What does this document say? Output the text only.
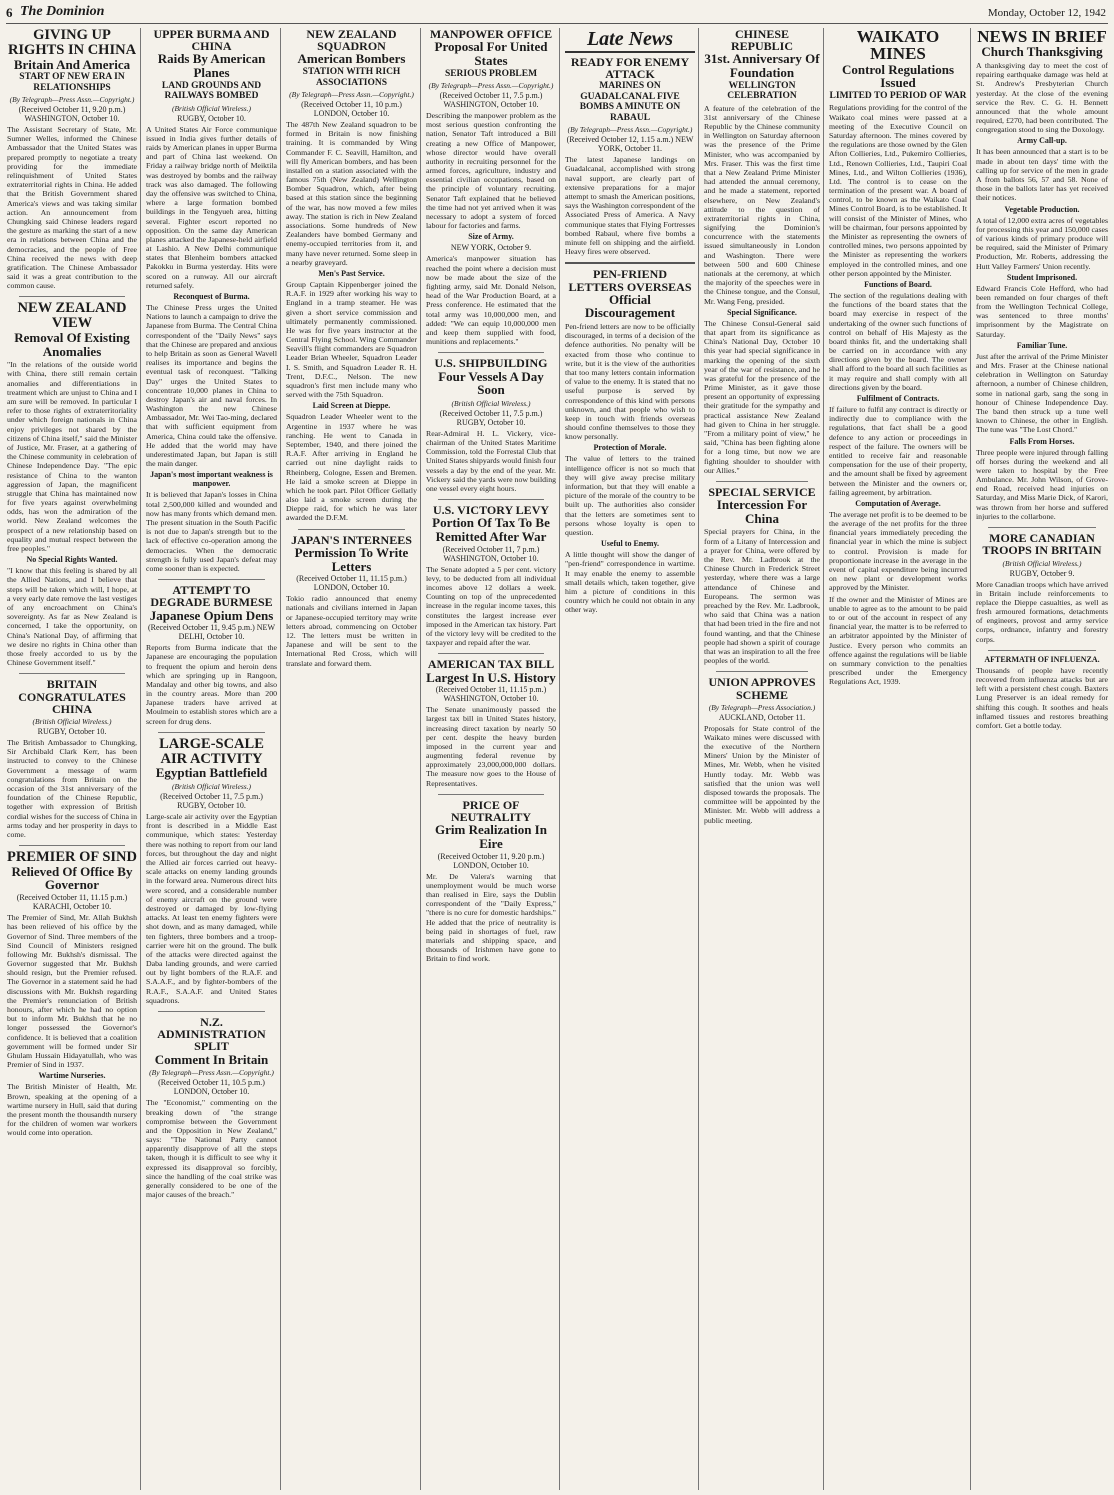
6 The Dominion	Monday, October 12, 1942
GIVING UP RIGHTS IN CHINA
Britain And America
START OF NEW ERA IN RELATIONSHIPS
(By Telegraph—Press Assn.—Copyright.)
(Received October 11, 9.20 p.m.) WASHINGTON, October 10.
The Assistant Secretary of State, Mr. Sumner Welles, informed the Chinese Ambassador that the United States was prepared promptly to negotiate a treaty providing for the immediate relinquishment of United States extraterritorial rights in China. He added that the British Government shared America's views and was taking similar action. An announcement from Chungking said Chinese leaders regard the gesture as marking the start of a new era in relations between China and the democracies, and the people of Free China received the news with deep gratification. The Chinese Ambassador said it was a great contribution to the common cause.
NEW ZEALAND VIEW
Removal Of Existing Anomalies
"In the relations of the outside world with China, there still remain certain anomalies and differentiations in treatment which are unjust to China and I am sure will be removed. In particular I refer to those rights of extraterritoriality under which foreign nationals in China enjoy privileges not shared by the citizens of China itself," said the Minister of Justice, Mr. Fraser, at a gathering of the Chinese community in celebration of Chinese Independence Day. "The epic resistance of China to the wanton aggression of Japan, the magnificent struggle that China has maintained now for five years against overwhelming odds, has won the admiration of the world. New Zealand welcomes the prospect of a new relationship based on equality and mutual respect between the free peoples."
No Special Rights Wanted.
"I know that this feeling is shared by all the Allied Nations, and I believe that steps will be taken which will, I hope, at a very early date remove the last vestiges of any encroachment on China's sovereignty. As far as New Zealand is concerned, I take the opportunity, on China's National Day, of affirming that we desire no rights in China other than those freely accorded to us by the Chinese Government itself."
BRITAIN CONGRATULATES CHINA
(British Official Wireless.)
RUGBY, October 10.
The British Ambassador to Chungking, Sir Archibald Clark Kerr, has been instructed to convey to the Chinese Government a message of warm congratulations from Britain on the occasion of the 31st anniversary of the foundation of the Chinese Republic, together with expression of British cordial wishes for the success of China in arms today and her prosperity in days to come.
PREMIER OF SIND
Relieved Of Office By Governor
(Received October 11, 11.15 p.m.) KARACHI, October 10.
The Premier of Sind, Mr. Allah Bukhsh has been relieved of his office by the Governor of Sind. Three members of the Sind Council of Ministers resigned following Mr. Bukhsh's dismissal. The Governor suggested that Mr. Bukhsh should resign, but the Premier refused. The Governor in a statement said he had discussions with Mr. Bukhsh regarding the Premier's renunciation of British honours, after which he had no option but to inform Mr. Bukhsh that he no longer possessed the Governor's confidence. It is believed that a coalition government will be formed under Sir Ghulam Hussain Hidayatullah, who was Premier of Sind in 1937.
Wartime Nurseries.
The British Minister of Health, Mr. Brown, speaking at the opening of a wartime nursery in Hull, said that during the present month the thousandth nursery for the children of women war workers would come into operation.
UPPER BURMA AND CHINA
Raids By American Planes
LAND GROUNDS AND RAILWAYS BOMBED
(British Official Wireless.)
RUGBY, October 10.
A United States Air Force communique issued in India gives further details of raids by American planes in upper Burma and part of China last weekend. On Friday a railway bridge north of Meiktila was destroyed by bombs and the railway track was also damaged. The following day the offensive was switched to China, where a large formation bombed buildings in the Tengyueh area, hitting several. Fighter escort reported no opposition. On the same day American planes attacked the Japanese-held airfield at Lashio. A New Delhi communique states that Blenheim bombers attacked Pakokku in Burma yesterday. Hits were scored on a runway. All our aircraft returned safely.
Reconquest of Burma.
The Chinese Press urges the United Nations to launch a campaign to drive the Japanese from Burma. The Central China correspondent of the "Daily News" says that the Chinese are prepared and anxious to help Britain as soon as General Wavell realises its importance and begins the eventual task of reconquest. "Talking Day" urges the United States to concentrate 10,000 planes in China to destroy Japan's air and naval forces. In Washington the new Chinese Ambassador, Mr. Wei Tao-ming, declared that with sufficient equipment from America, China could take the offensive. He added that the world may have underestimated Japan, but Japan is still the main danger.
Japan's most important weakness is manpower.
It is believed that Japan's losses in China total 2,500,000 killed and wounded and now has many fronts which demand men. The present situation in the South Pacific is not due to Japan's strength but to the lack of effective co-operation among the democracies. When the democratic strength is fully used Japan's defeat may come sooner than is expected.
ATTEMPT TO DEGRADE BURMESE
Japanese Opium Dens
(Received October 11, 9.45 p.m.) NEW DELHI, October 10.
Reports from Burma indicate that the Japanese are encouraging the population to frequent the opium and heroin dens which are springing up in Rangoon, Mandalay and other big towns, and also in the country areas. More than 200 Japanese traders have arrived at Moulmein to establish stores which are a screen for drug dens.
LARGE-SCALE AIR ACTIVITY
Egyptian Battlefield
(British Official Wireless.)
(Received October 11, 7.5 p.m.) RUGBY, October 10.
Large-scale air activity over the Egyptian front is described in a Middle East communique, which states: Yesterday there was nothing to report from our land forces, but throughout the day and night the Allied air forces carried out heavy-scale attacks on enemy landing grounds in the forward area. Numerous direct hits were scored, and a considerable number of enemy aircraft on the ground were destroyed or damaged by low-flying attacks. At least ten enemy fighters were shot down, and as many damaged, while ten fighters, three bombers and a troop-carrier were hit on the ground. The bulk of the attacks were directed against the Daba landing grounds, and were carried out by light bombers of the R.A.F. and S.A.A.F., and by fighter-bombers of the R.A.F., S.A.A.F. and United States squadrons.
N.Z. ADMINISTRATION SPLIT
Comment In Britain
(By Telegraph—Press Assn.—Copyright.)
(Received October 11, 10.5 p.m.) LONDON, October 10.
The "Economist," commenting on the breaking down of "the strange compromise between the Government and the Opposition in New Zealand," says: "The National Party cannot apparently disapprove of all the steps taken, though it is difficult to see why it expressed its disapproval so forcibly, since the handling of the coal strike was generally considered to be one of the major causes of the breach."
NEW ZEALAND SQUADRON
American Bombers
STATION WITH RICH ASSOCIATIONS
(By Telegraph—Press Assn.—Copyright.)
(Received October 11, 10 p.m.) LONDON, October 10.
The 487th New Zealand squadron to be formed in Britain is now finishing training. It is commanded by Wing Commander F. C. Seavill, Hamilton, and will fly American bombers, and has been installed on a station associated with the famous 75th (New Zealand) Wellington Bomber Squadron, which, after being based at this station since the beginning of the war, has now moved a few miles away. The station is rich in New Zealand associations. Some hundreds of New Zealanders have bombed Germany and enemy-occupied territories from it, and many have never returned. Some sleep in a nearby graveyard.
Men's Past Service.
Group Captain Kippenberger joined the R.A.F. in 1929 after working his way to England in a tramp steamer. He was given a short service commission and ultimately permanently commissioned. He was for five years instructor at the Central Flying School. Wing Commander Seavill's flight commanders are Squadron Leader Brian Wheeler, Squadron Leader I. S. Smith, and Squadron Leader R. H. Trent, D.F.C., Nelson. The new squadron's first men include many who served with the 75th Squadron.
Laid Screen at Dieppe.
Squadron Leader Wheeler went to the Argentine in 1937 where he was ranching. He went to Canada in September, 1940, and there joined the R.A.F. After arriving in England he carried out nine daylight raids to Rheinberg, Cologne, Essen and Bremen. He laid a smoke screen at Dieppe in which he took part. Pilot Officer Gellatly also laid a smoke screen during the Dieppe raid, for which he was later awarded the D.F.M.
JAPAN'S INTERNEES
Permission To Write Letters
(Received October 11, 11.15 p.m.) LONDON, October 10.
Tokio radio announced that enemy nationals and civilians interned in Japan or Japanese-occupied territory may write letters abroad, commencing on October 12. The letters must be written in Japanese and will be sent to the International Red Cross, which will translate and forward them.
MANPOWER OFFICE
Proposal For United States
SERIOUS PROBLEM
(By Telegraph—Press Assn.—Copyright.)
(Received October 11, 7.5 p.m.) WASHINGTON, October 10.
Describing the manpower problem as the most serious question confronting the nation, Senator Taft introduced a Bill creating a new Office of Manpower, whose director would have overall authority in recruiting personnel for the armed forces, agriculture, industry and essential civilian occupations, based on the principle of voluntary recruiting. Senator Taft explained that he believed the time had not yet arrived when it was necessary to adopt a system of forced labour for factories and farms.
Size of Army.
NEW YORK, October 9.
America's manpower situation has reached the point where a decision must now be made about the size of the fighting army, said Mr. Donald Nelson, head of the War Production Board, at a Press conference. He estimated that the total army was 10,000,000 men, and added: "We can equip 10,000,000 men and keep them supplied with food, munitions and replacements."
U.S. SHIPBUILDING
Four Vessels A Day Soon
(British Official Wireless.)
(Received October 11, 7.5 p.m.) RUGBY, October 10.
Rear-Admiral H. L. Vickery, vice-chairman of the United States Maritime Commission, told the Forrestal Club that United States shipyards would finish four vessels a day by the end of the year. Mr. Vickery said the yards were now building one vessel every eight hours.
U.S. VICTORY LEVY
Portion Of Tax To Be Remitted After War
(Received October 11, 7 p.m.) WASHINGTON, October 10.
The Senate adopted a 5 per cent. victory levy, to be deducted from all individual incomes above 12 dollars a week. Counting on top of the unprecedented increase in the regular income taxes, this constitutes the largest increase ever imposed in the American tax history. Part of the victory levy will be credited to the taxpayer and repaid after the war.
AMERICAN TAX BILL
Largest In U.S. History
(Received October 11, 11.15 p.m.) WASHINGTON, October 10.
The Senate unanimously passed the largest tax bill in United States history, increasing direct taxation by nearly 50 per cent. despite the heavy burden imposed in the current year and augmenting federal revenue by approximately 23,000,000,000 dollars. The measure now goes to the House of Representatives.
PRICE OF NEUTRALITY
Grim Realization In Eire
(Received October 11, 9.20 p.m.) LONDON, October 10.
Mr. De Valera's warning that unemployment would be much worse than realised in Eire, says the Dublin correspondent of the "Daily Express," "there is no cure for domestic hardships." He added that the price of neutrality is being paid in shortages of fuel, raw materials and shipping space, and thousands of Irishmen have gone to Britain to find work.
Late News
READY FOR ENEMY ATTACK
MARINES ON GUADALCANAL FIVE BOMBS A MINUTE ON RABAUL
(By Telegraph—Press Assn.—Copyright.)
(Received October 12, 1.15 a.m.) NEW YORK, October 11.
The latest Japanese landings on Guadalcanal, accomplished with strong naval support, are clearly part of extensive preparations for a major attempt to smash the American positions, says the Washington correspondent of the Associated Press of America. A Navy communique states that Flying Fortresses bombed Rabaul, where five bombs a minute fell on shipping and the airfield. Heavy fires were observed.
PEN-FRIEND LETTERS OVERSEAS
Official Discouragement
Pen-friend letters are now to be officially discouraged, in terms of a decision of the defence authorities. No penalty will be exacted from those who continue to write, but it is the view of the authorities that too many letters contain information of value to the enemy. It is stated that no useful purpose is served by correspondence of this kind with persons unknown, and that people who wish to keep in touch with friends overseas should confine themselves to those they know personally.
Protection of Morale.
The value of letters to the trained intelligence officer is not so much that they will give away precise military information, but that they will enable a picture of the morale of the country to be built up. The authorities also consider that the letters are sometimes sent to persons whose loyalty is open to question.
Useful to Enemy.
A little thought will show the danger of "pen-friend" correspondence in wartime. It may enable the enemy to assemble small details which, taken together, give him a picture of conditions in this country which he could not obtain in any other way.
CHINESE REPUBLIC
31st. Anniversary Of Foundation
WELLINGTON CELEBRATION
A feature of the celebration of the 31st anniversary of the Chinese Republic by the Chinese community in Wellington on Saturday afternoon was the presence of the Prime Minister, who was accompanied by Mrs. Fraser. This was the first time that a New Zealand Prime Minister had attended the annual ceremony, and he made a statement, reported elsewhere, on New Zealand's attitude to the question of extraterritorial rights in China, signifying the Dominion's concurrence with the statements issued simultaneously in London and Washington. There were between 500 and 600 Chinese nationals at the ceremony, at which the majority of the speeches were in the Chinese tongue, and the Consul, Mr. Wang Feng, presided.
Special Significance.
The Chinese Consul-General said that apart from its significance as China's National Day, October 10 this year had special significance in marking the opening of the sixth year of the war of resistance, and he was grateful for the presence of the Prime Minister, as it gave those present an opportunity of expressing their gratitude for the sympathy and practical assistance New Zealand had given to China in her struggle. "From a military point of view," he said, "China has been fighting alone for a long time, but now we are fighting shoulder to shoulder with our Allies."
SPECIAL SERVICE
Intercession For China
Special prayers for China, in the form of a Litany of Intercession and a prayer for China, were offered by the Rev. Mr. Ladbrook at the Chinese Church in Frederick Street yesterday, where there was a large attendance of Chinese and Europeans. The sermon was preached by the Rev. Mr. Ladbrook, who said that China was a nation that had been tried in the fire and not found wanting, and that the Chinese people had shown a spirit of courage that was an inspiration to all the free peoples of the world.
UNION APPROVES SCHEME
(By Telegraph—Press Association.)
AUCKLAND, October 11.
Proposals for State control of the Waikato mines were discussed with the executive of the Northern Miners' Union by the Minister of Mines, Mr. Webb, when he visited Huntly today. Mr. Webb was satisfied that the union was well disposed towards the proposals. The committee will be appointed by the Minister. Mr. Webb will address a public meeting.
WAIKATO MINES
Control Regulations Issued
LIMITED TO PERIOD OF WAR
Regulations providing for the control of the Waikato coal mines were passed at a meeting of the Executive Council on Saturday afternoon. The mines covered by the regulations are those owned by the Glen Afton Collieries, Ltd., Pukemiro Collieries, Ltd., Renown Collieries, Ltd., Taupiri Coal Mines, Ltd., and Wilton Collieries (1936), Ltd. The control is to cease on the termination of the present war. A board of control, to be known as the Waikato Coal Mines Control Board, is to be established. It will consist of the Minister of Mines, who will be chairman, four persons appointed by the Minister as representing the owners of controlled mines, two persons appointed by the Minister as representing the workers employed in the controlled mines, and one other person appointed by the Minister.
Functions of Board.
The section of the regulations dealing with the functions of the board states that the board may exercise in respect of the undertaking of the owner such functions of control on behalf of His Majesty as the board thinks fit, and the undertaking shall be carried on in accordance with any directions given by the board. The owner shall afford to the board all such facilities as it may require and shall comply with all directions given by the board.
Fulfilment of Contracts.
If failure to fulfil any contract is directly or indirectly due to compliance with the regulations, that fact shall be a good defence to any action or proceedings in respect of the failure. The owners will be entitled to receive fair and reasonable compensation for the use of their property, and the amount shall be fixed by agreement between the Minister and the owners or, failing agreement, by arbitration.
Computation of Average.
The average net profit is to be deemed to be the average of the net profits for the three financial years immediately preceding the financial year in which the mine is subject to control. Provision is made for proportionate increase in the average in the event of capital expenditure being incurred on new plant or development works approved by the Minister.
If the owner and the Minister of Mines are unable to agree as to the amount to be paid to or out of the account in respect of any financial year, the matter is to be referred to an arbitrator appointed by the Minister of Justice. Every person who commits an offence against the regulations will be liable on summary conviction to the penalties prescribed under the Emergency Regulations Act, 1939.
NEWS IN BRIEF
Church Thanksgiving
A thanksgiving day to meet the cost of repairing earthquake damage was held at St. Andrew's Presbyterian Church yesterday. At the close of the evening service the Rev. C. G. H. Bennett announced that the whole amount required, £270, had been contributed. The congregation stood to sing the Doxology.
Army Call-up.
It has been announced that a start is to be made in about ten days' time with the calling up for service of the men in grade A from ballots 56, 57 and 58. None of those in the ballots later has yet received their notices.
Vegetable Production.
A total of 12,000 extra acres of vegetables for processing this year and 150,000 cases of various kinds of primary produce will be required, said the Minister of Primary Production, Mr. Roberts, addressing the Hutt Valley Farmers' Union recently.
Student Imprisoned.
Edward Francis Cole Hefford, who had been remanded on four charges of theft from the Wellington Technical College, was sentenced to three months' imprisonment by the Magistrate on Saturday.
Familiar Tune.
Just after the arrival of the Prime Minister and Mrs. Fraser at the Chinese national celebration in Wellington on Saturday afternoon, a number of Chinese children, some in national garb, sang the song in honour of Chinese Independence Day. The band then struck up a tune well known to Chinese, the other in English. The tune was "The Lost Chord."
Falls From Horses.
Three people were injured through falling off horses during the weekend and all were taken to hospital by the Free Ambulance. Mr. John Wilson, of Grove-end Road, received head injuries on Saturday, and Miss Marie Dick, of Karori, was thrown from her horse and suffered injuries to the collarbone.
MORE CANADIAN TROOPS IN BRITAIN
(British Official Wireless.)
RUGBY, October 9.
More Canadian troops which have arrived in Britain include reinforcements to replace the Dieppe casualties, as well as fresh armoured formations, detachments of engineers, provost and army service corps, ordnance, infantry and forestry corps.
AFTERMATH OF INFLUENZA.
Thousands of people have recently recovered from influenza attacks but are left with a persistent chest cough. Baxters Lung Preserver is an ideal remedy for shifting this cough. It soothes and heals inflamed tissues and restores breathing comfort. Get a bottle today.
